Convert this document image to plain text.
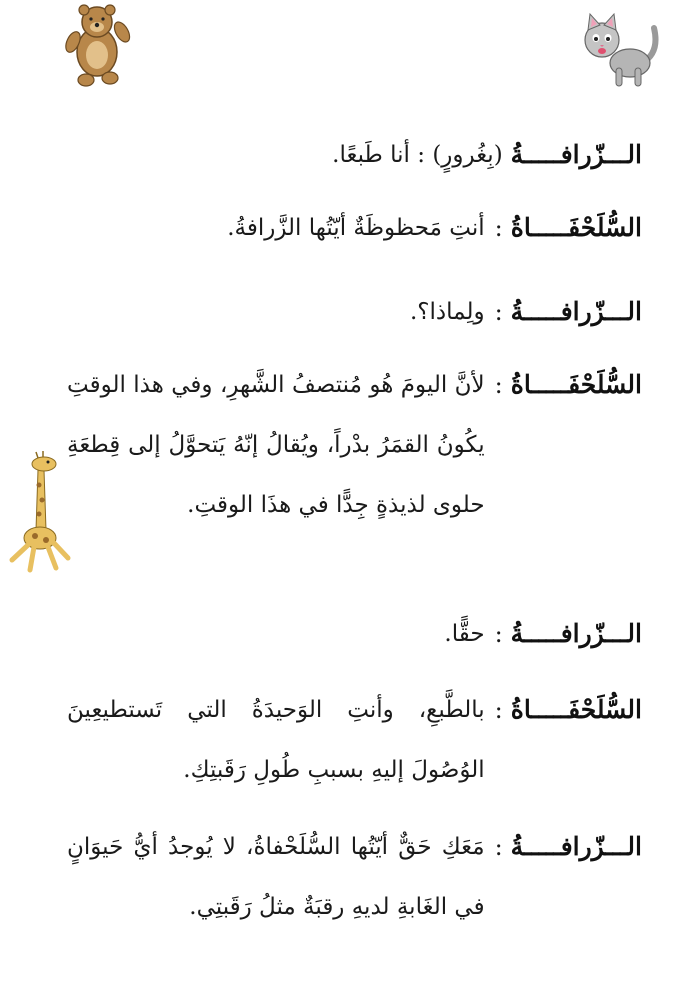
الـــزّرافـــــةُ
(بِغُرورٍ) : أنا طَبعًا.
السُّلَحْفَـــــاةُ
:
أنتِ مَحظوظَةٌ أيّتُها الزَّرافةُ.
الـــزّرافـــــةُ
:
ولِماذا؟.
السُّلَحْفَـــــاةُ
:
لأنَّ اليومَ هُو مُنتصفُ الشَّهرِ، وفي هذا الوقتِ يكُونُ القمَرُ بدْراً، ويُقالُ إنّهُ يَتحوَّلُ إلى قِطعَةِ حلوى لذيذةٍ جِدًّا في هذَا الوقتِ.
الـــزّرافـــــةُ
:
حقًّا.
السُّلَحْفَـــــاةُ
:
بالطَّبعِ، وأنتِ الوَحيدَةُ التي تَستطيعِينَ الوُصُولَ إليهِ بسببِ طُولِ رَقَبتِكِ.
الـــزّرافـــــةُ
:
مَعَكِ حَقٌّ أيّتُها السُّلَحْفاةُ، لا يُوجدُ أيُّ حَيوَانٍ في الغَابةِ لديهِ رقبَةٌ مثلُ رَقَبتِي.
